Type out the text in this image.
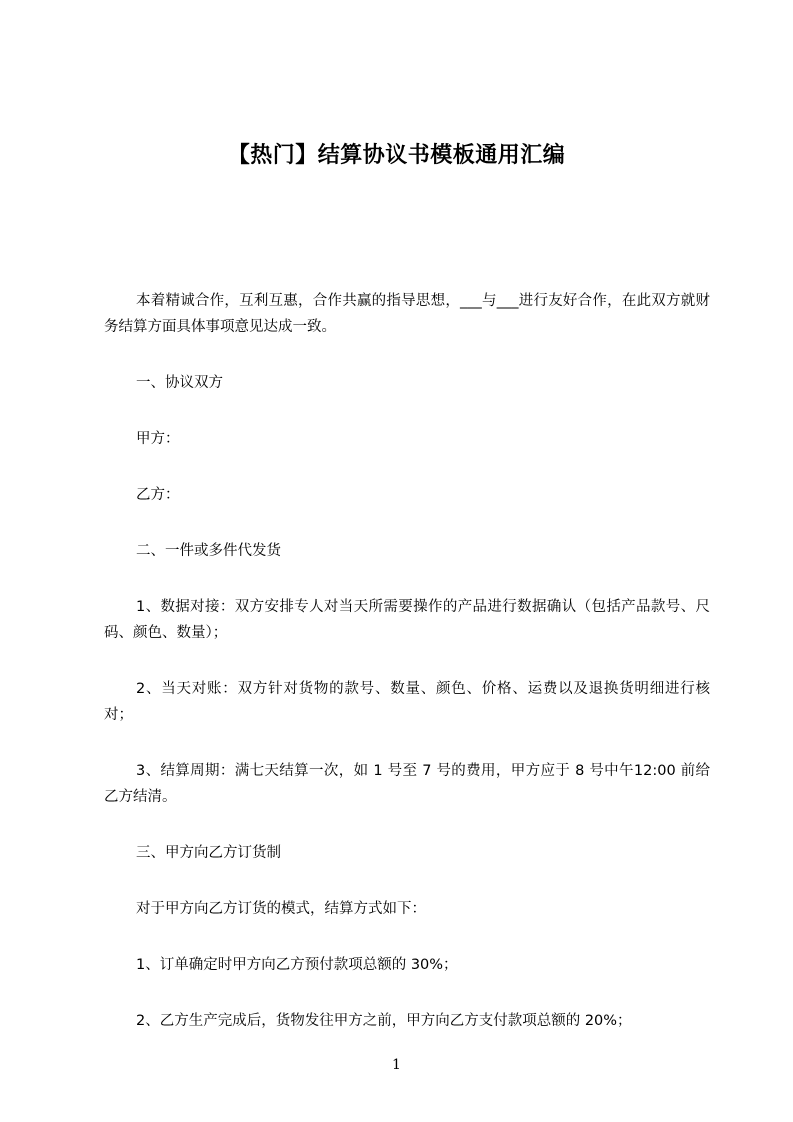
【热门】结算协议书模板通用汇编

本着精诚合作，互利互惠，合作共赢的指导思想，___与___进行友好合作，在此双方就财务结算方面具体事项意见达成一致。

一、协议双方

甲方：

乙方：

二、一件或多件代发货

1、数据对接：双方安排专人对当天所需要操作的产品进行数据确认（包括产品款号、尺码、颜色、数量）；

2、当天对账：双方针对货物的款号、数量、颜色、价格、运费以及退换货明细进行核对；

3、结算周期：满七天结算一次，如 1 号至 7 号的费用，甲方应于 8 号中午12:00 前给乙方结清。

三、甲方向乙方订货制

对于甲方向乙方订货的模式，结算方式如下：

1、订单确定时甲方向乙方预付款项总额的 30%；

2、乙方生产完成后，货物发往甲方之前，甲方向乙方支付款项总额的 20%；

1
